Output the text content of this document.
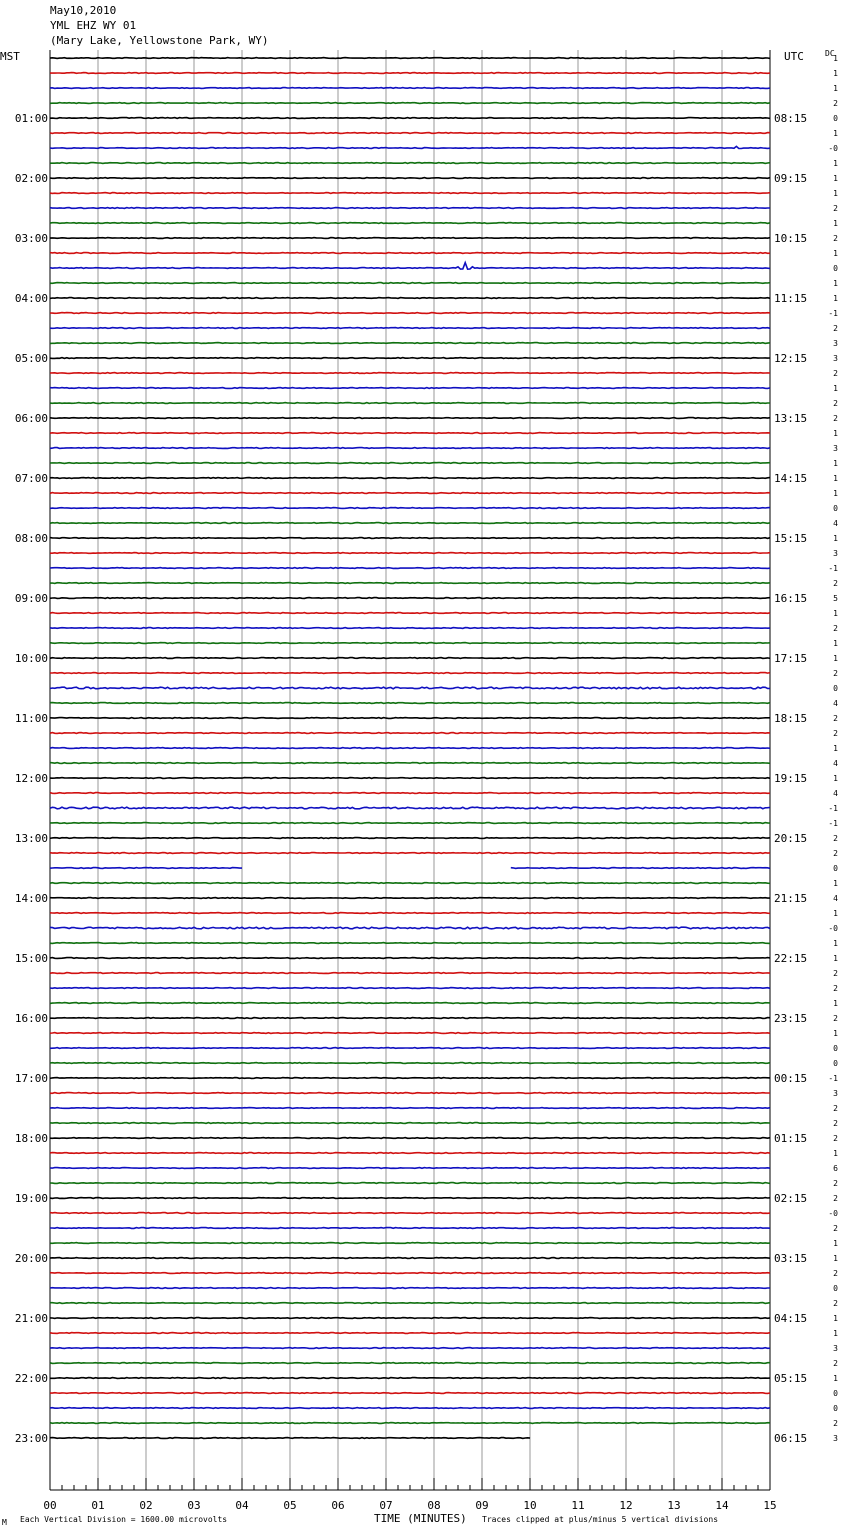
May10,2010
YML EHZ WY 01
(Mary Lake, Yellowstone Park, WY)
MST	UTC	DC
00	01	02	03	04	05	06	07	08	09	10	11	12	13	14	15
1
1
1
2
0
1
-0
1
1
1
2
1
2
1
0
1
1
-1
2
3
3
2
1
2
2
1
3
1
1
1
0
4
1
3
-1
2
5
1
2
1
1
2
0
4
2
2
1
4
1
4
-1
-1
2
2
0
1
4
1
-0
1
1
2
2
1
2
1
0
0
-1
3
2
2
2
1
6
2
2
-0
2
1
1
2
0
2
1
1
3
2
1
0
0
2
3
01:00
02:00
03:00
04:00
05:00
06:00
07:00
08:00
09:00
10:00
11:00
12:00
13:00
14:00
15:00
16:00
17:00
18:00
19:00
20:00
21:00
22:00
23:00
08:15
09:15
10:15
11:15
12:15
13:15
14:15
15:15
16:15
17:15
18:15
19:15
20:15
21:15
22:15
23:15
00:15
01:15
02:15
03:15
04:15
05:15
06:15
M Each Vertical Division = 1600.00 microvolts	TIME (MINUTES) Traces clipped at plus/minus 5 vertical divisions
